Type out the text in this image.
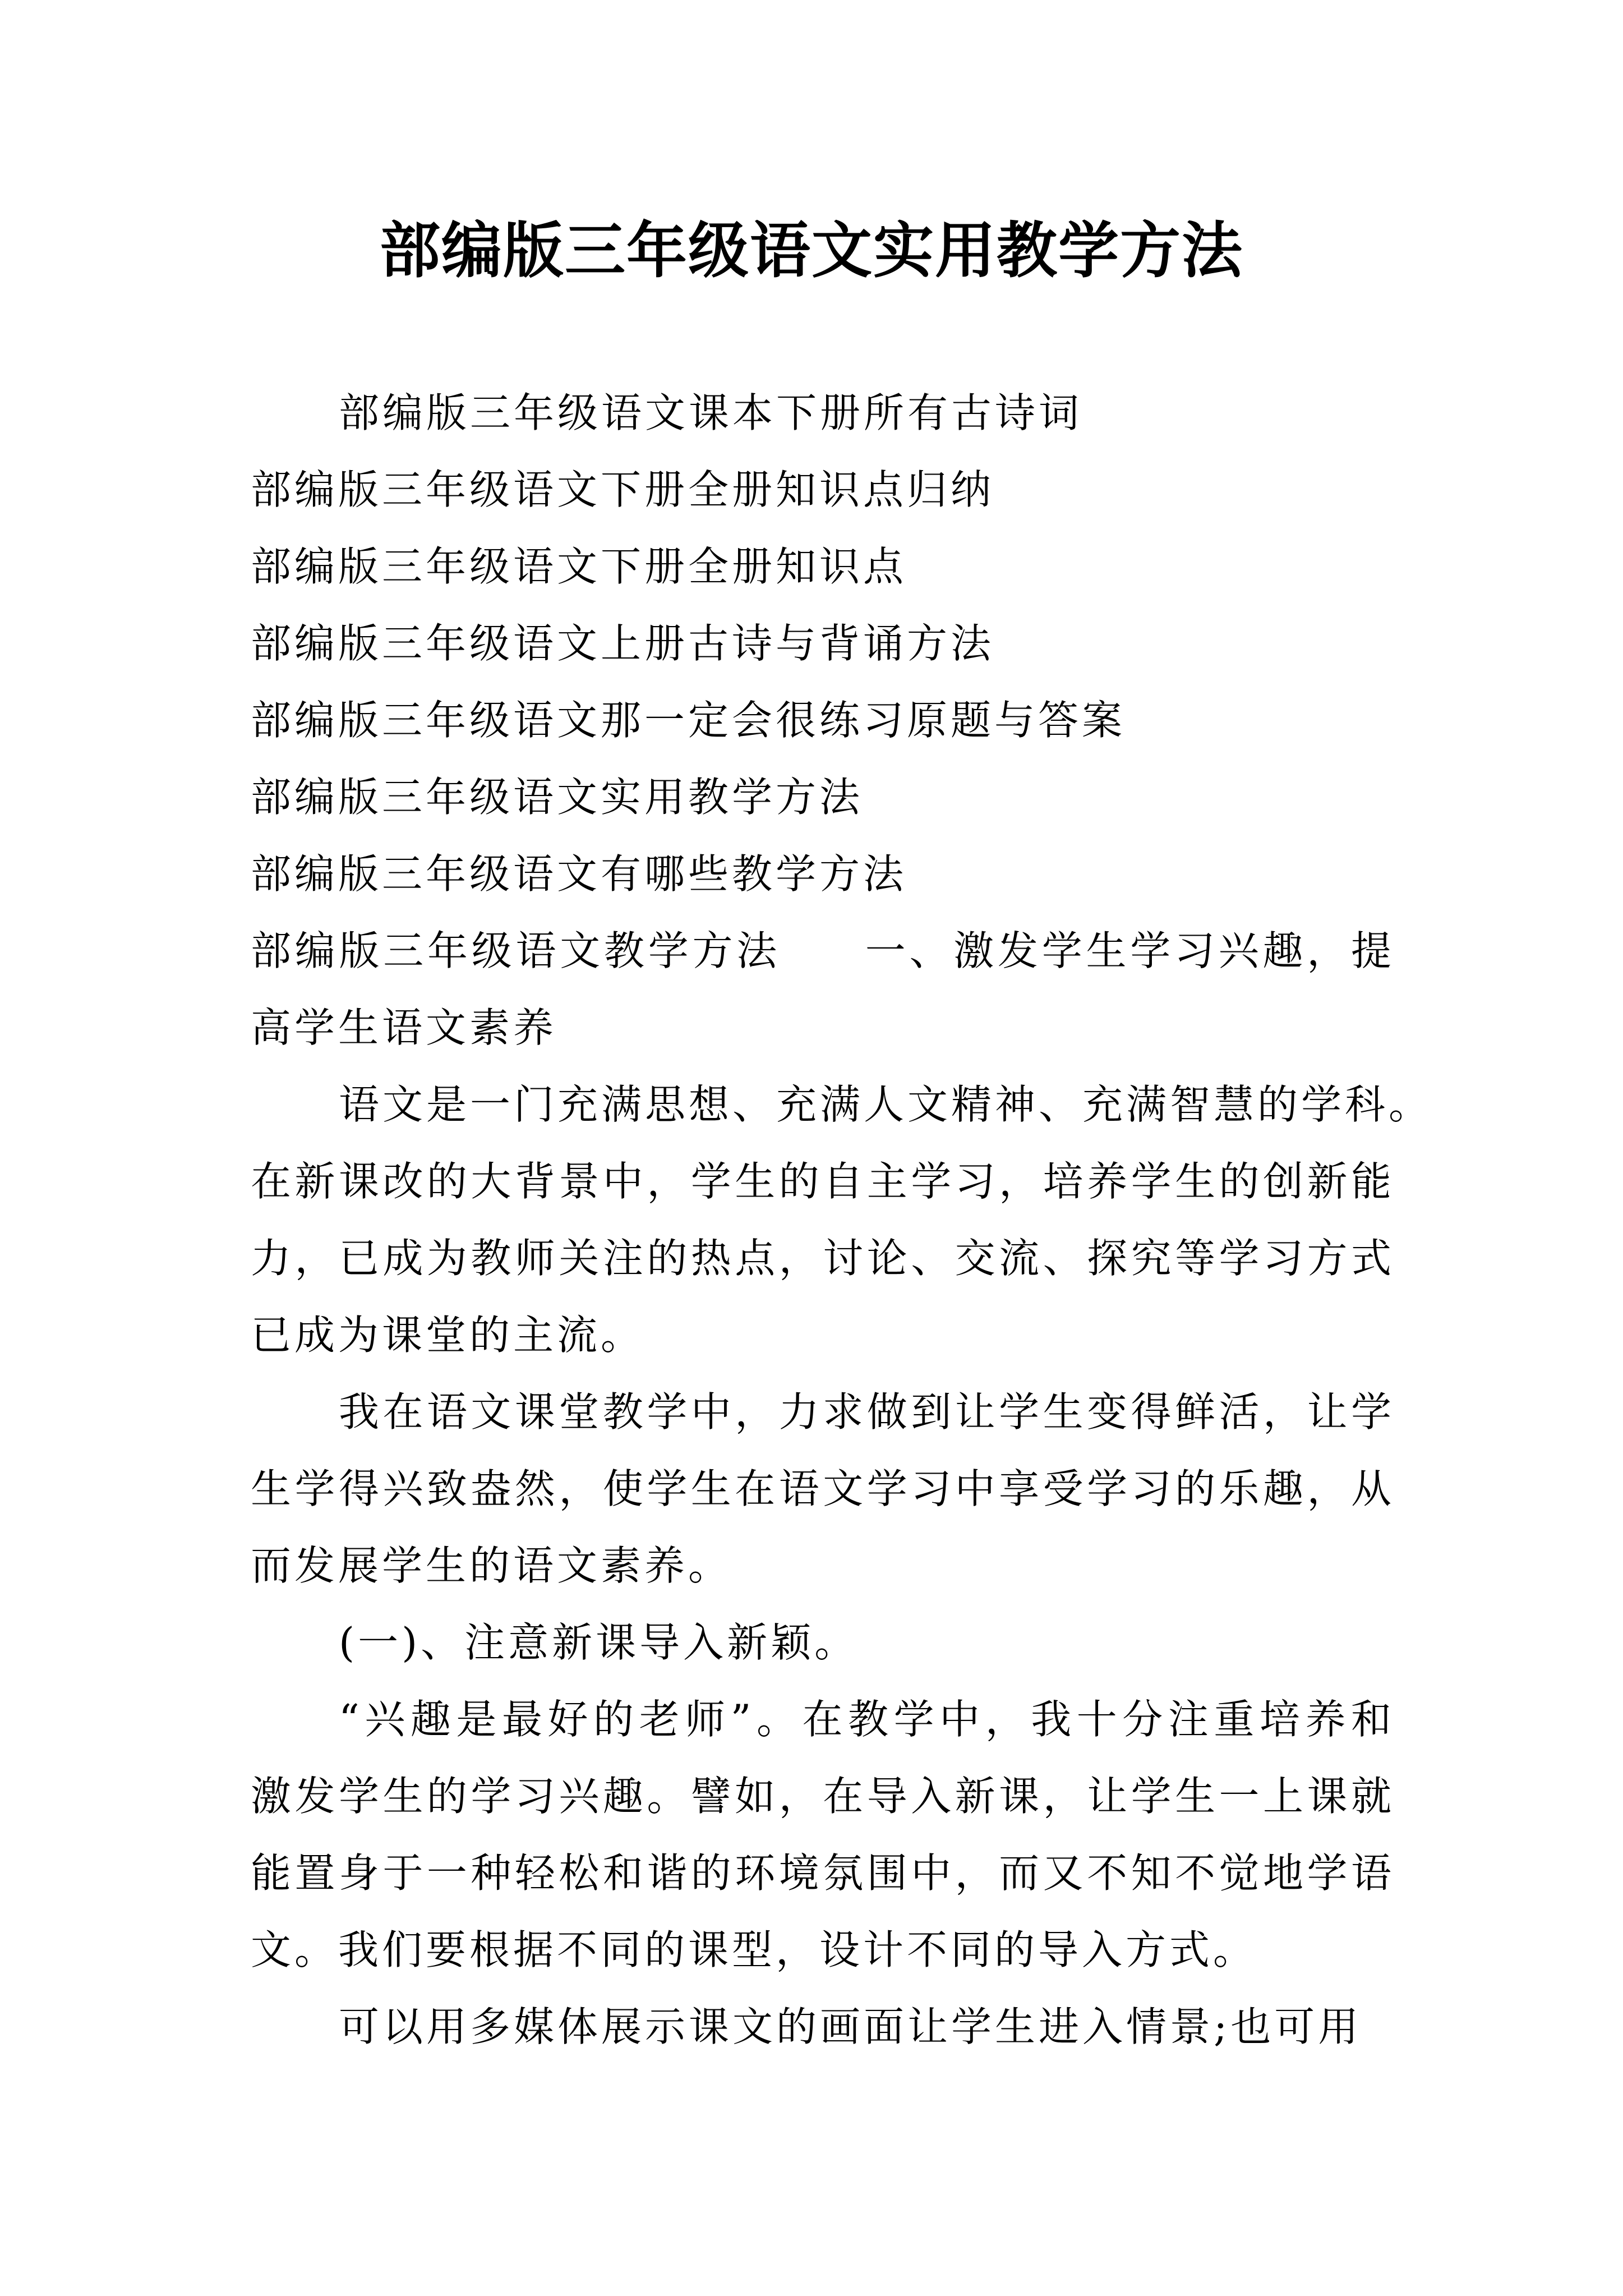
部编版三年级语文实用教学方法
部编版三年级语文课本下册所有古诗词
部编版三年级语文下册全册知识点归纳
部编版三年级语文下册全册知识点
部编版三年级语文上册古诗与背诵方法
部编版三年级语文那一定会很练习原题与答案
部编版三年级语文实用教学方法
部编版三年级语文有哪些教学方法
部编版三年级语文教学方法 一、激发学生学习兴趣，提
高学生语文素养
语文是一门充满思想、充满人文精神、充满智慧的学科。
在新课改的大背景中，学生的自主学习，培养学生的创新能
力，已成为教师关注的热点，讨论、交流、探究等学习方式
已成为课堂的主流。
我在语文课堂教学中，力求做到让学生变得鲜活，让学
生学得兴致盎然，使学生在语文学习中享受学习的乐趣，从
而发展学生的语文素养。
(一)、注意新课导入新颖。
“兴趣是最好的老师”。在教学中，我十分注重培养和
激发学生的学习兴趣。譬如，在导入新课，让学生一上课就
能置身于一种轻松和谐的环境氛围中，而又不知不觉地学语
文。我们要根据不同的课型，设计不同的导入方式。
可以用多媒体展示课文的画面让学生进入情景;也可用
